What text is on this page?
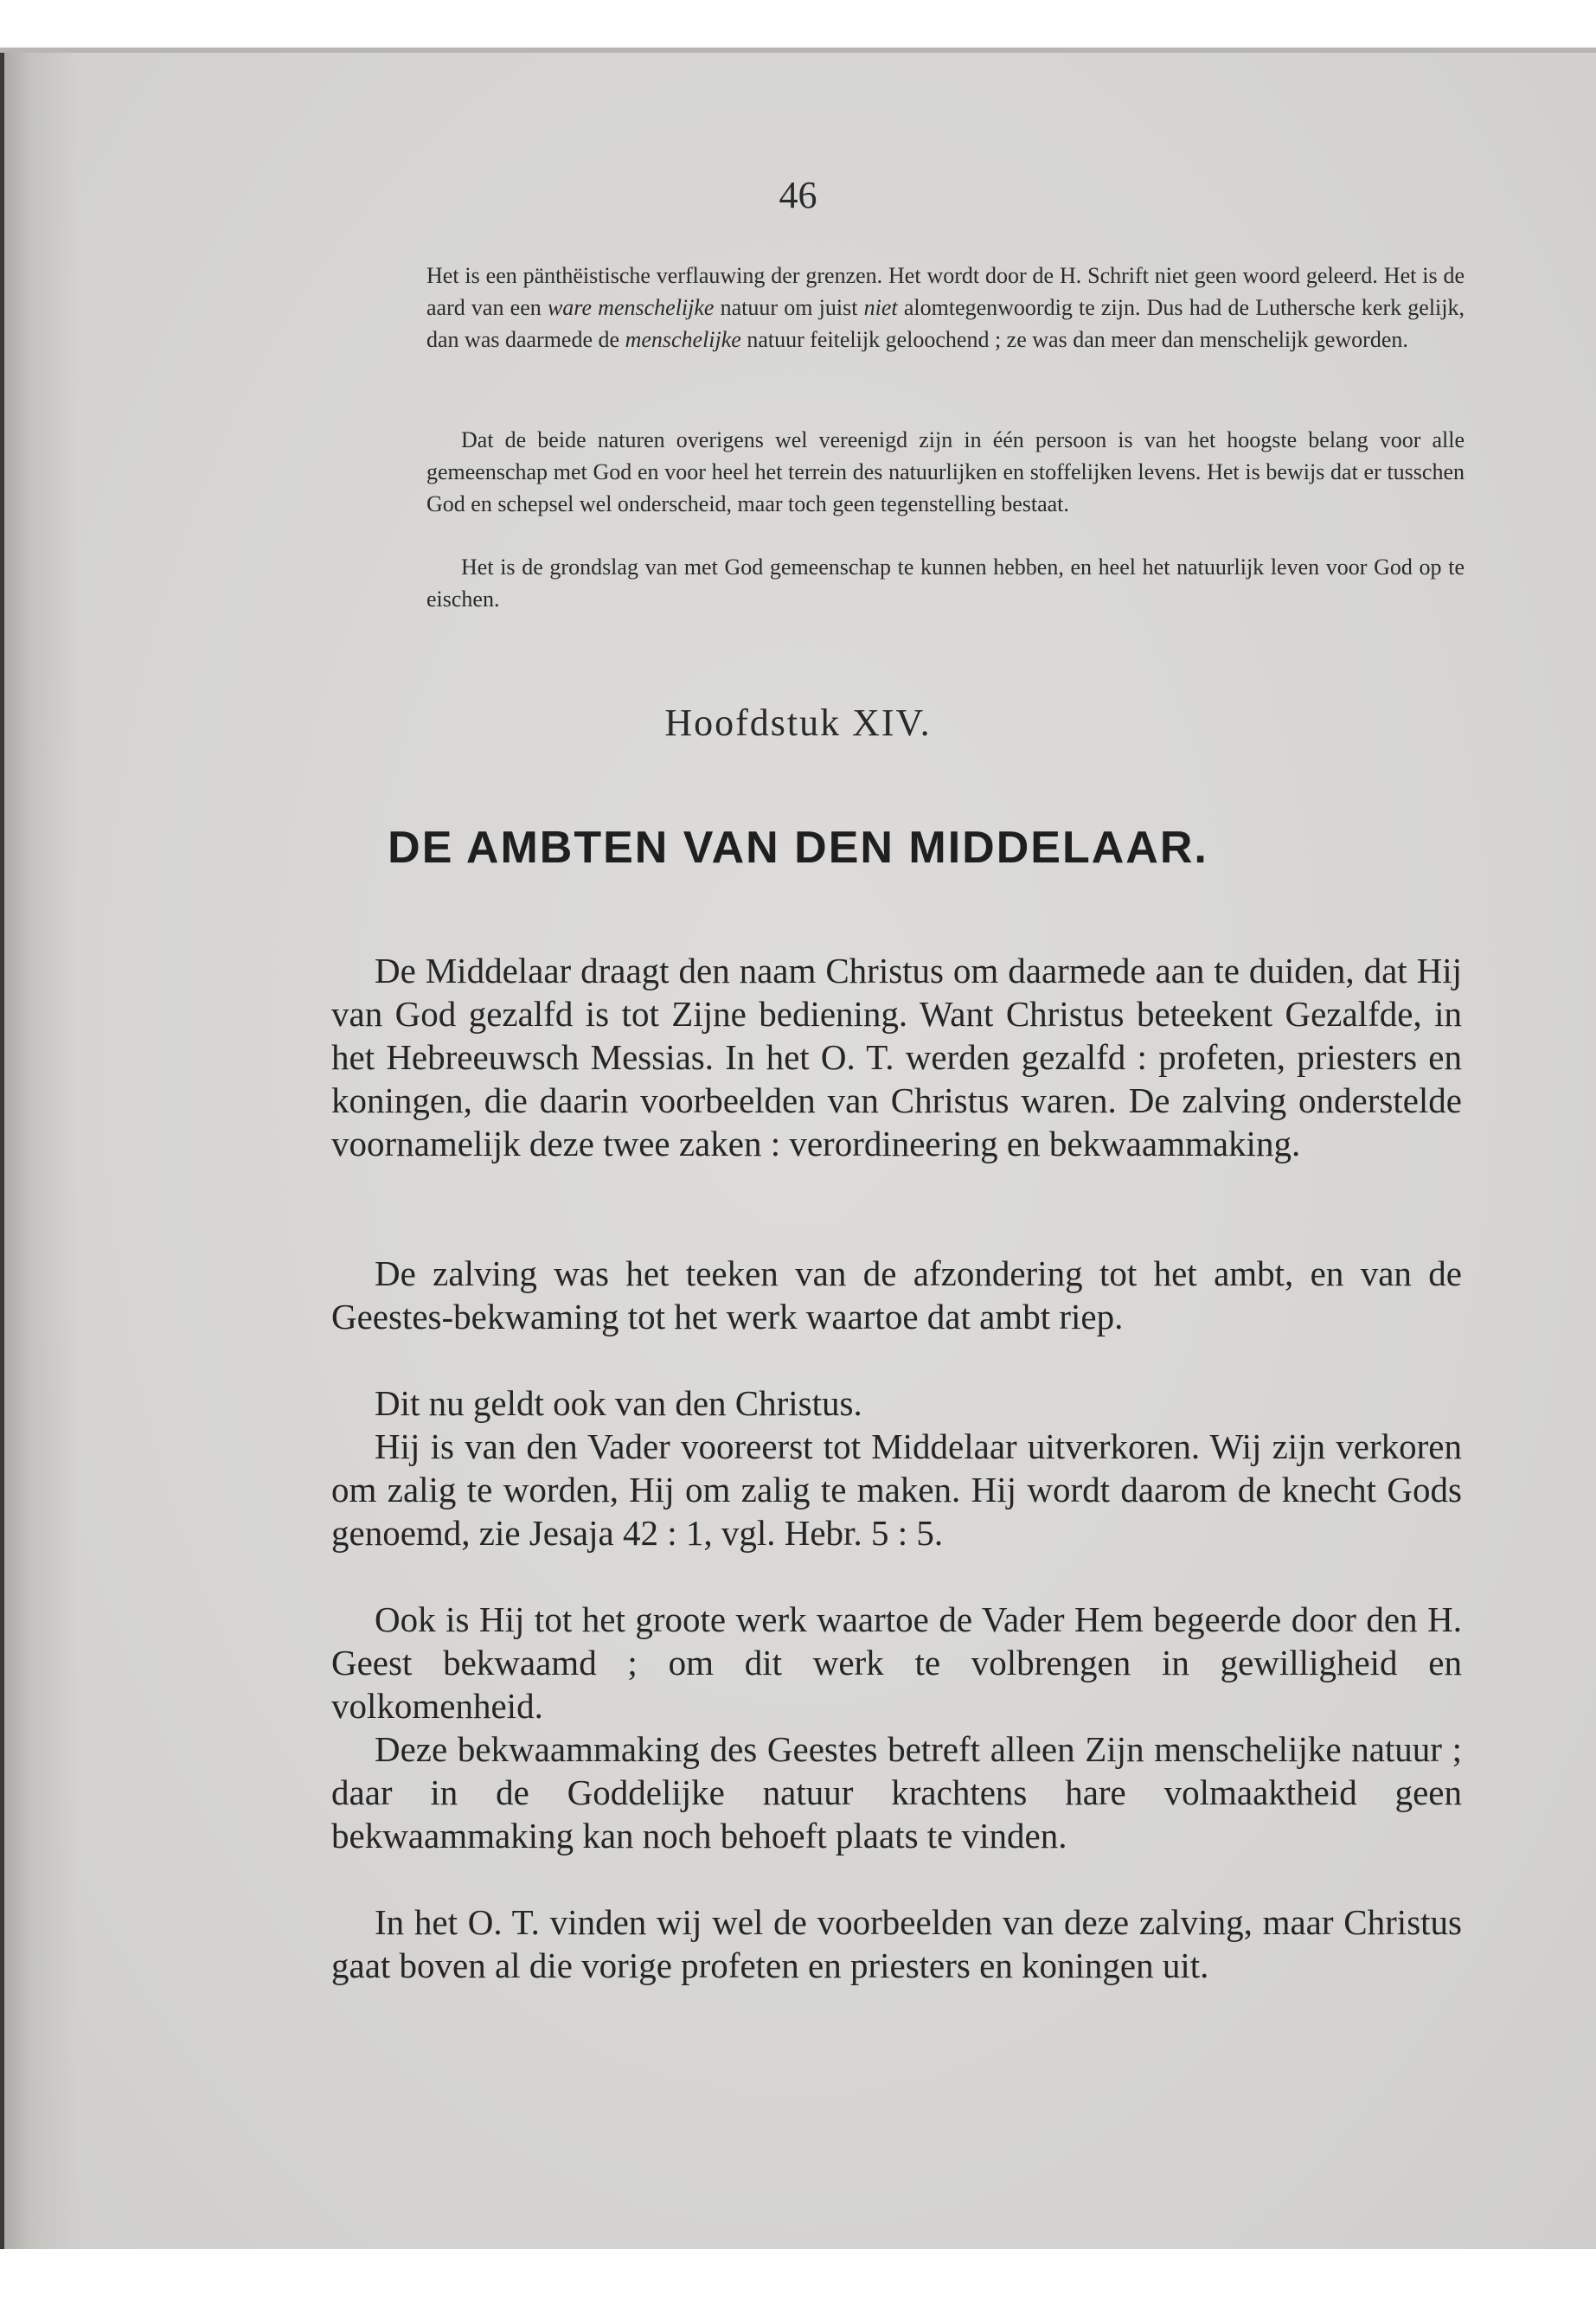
46

Het is een pänthëistische verflauwing der grenzen. Het wordt door de H. Schrift niet geen woord geleerd. Het is de aard van een ware menschelijke natuur om juist niet alomtegenwoordig te zijn. Dus had de Luthersche kerk gelijk, dan was daarmede de menschelijke natuur feitelijk geloochend ; ze was dan meer dan menschelijk geworden.

Dat de beide naturen overigens wel vereenigd zijn in één persoon is van het hoogste belang voor alle gemeenschap met God en voor heel het terrein des natuurlijken en stoffelijken levens. Het is bewijs dat er tusschen God en schepsel wel onderscheid, maar toch geen tegenstelling bestaat.

Het is de grondslag van met God gemeenschap te kunnen hebben, en heel het natuurlijk leven voor God op te eischen.

Hoofdstuk XIV.

DE AMBTEN VAN DEN MIDDELAAR.

De Middelaar draagt den naam Christus om daarmede aan te duiden, dat Hij van God gezalfd is tot Zijne bediening. Want Christus beteekent Gezalfde, in het Hebreeuwsch Messias. In het O. T. werden gezalfd : profeten, priesters en koningen, die daarin voorbeelden van Christus waren. De zalving onderstelde voornamelijk deze twee zaken : verordineering en bekwaammaking.

De zalving was het teeken van de afzondering tot het ambt, en van de Geestes-bekwaming tot het werk waartoe dat ambt riep.

Dit nu geldt ook van den Christus.

Hij is van den Vader vooreerst tot Middelaar uitverkoren. Wij zijn verkoren om zalig te worden, Hij om zalig te maken. Hij wordt daarom de knecht Gods genoemd, zie Jesaja 42 : 1, vgl. Hebr. 5 : 5.

Ook is Hij tot het groote werk waartoe de Vader Hem begeerde door den H. Geest bekwaamd ; om dit werk te volbrengen in gewilligheid en volkomenheid.

Deze bekwaammaking des Geestes betreft alleen Zijn menschelijke natuur ; daar in de Goddelijke natuur krachtens hare volmaaktheid geen bekwaammaking kan noch behoeft plaats te vinden.

In het O. T. vinden wij wel de voorbeelden van deze zalving, maar Christus gaat boven al die vorige profeten en priesters en koningen uit.
